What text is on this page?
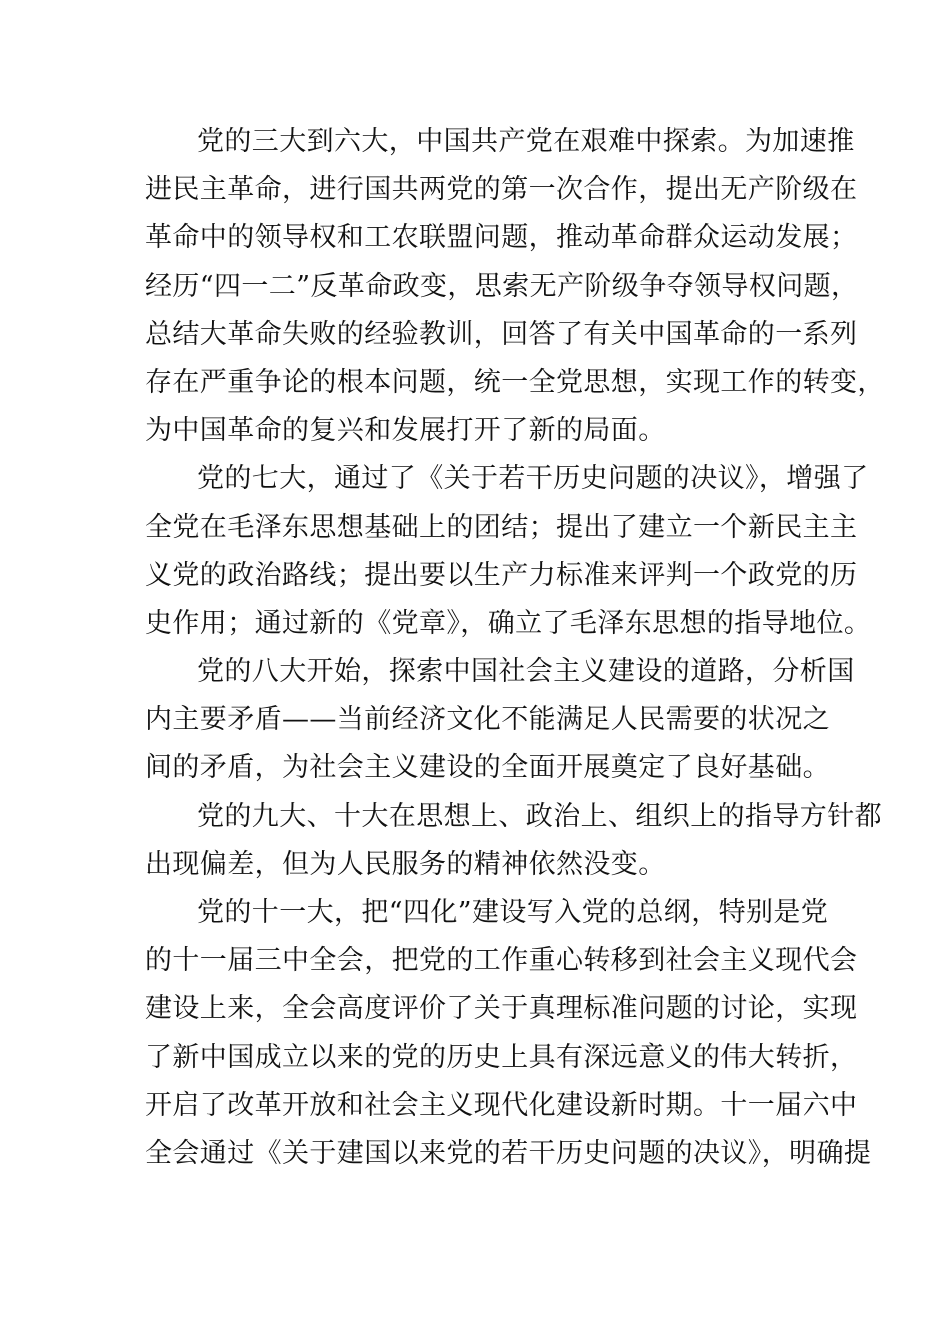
党的三大到六大，中国共产党在艰难中探索。为加速推
进民主革命，进行国共两党的第一次合作，提出无产阶级在
革命中的领导权和工农联盟问题，推动革命群众运动发展；
经历“四一二”反革命政变，思索无产阶级争夺领导权问题，
总结大革命失败的经验教训，回答了有关中国革命的一系列
存在严重争论的根本问题，统一全党思想，实现工作的转变，
为中国革命的复兴和发展打开了新的局面。
党的七大，通过了《关于若干历史问题的决议》，增强了
全党在毛泽东思想基础上的团结；提出了建立一个新民主主
义党的政治路线；提出要以生产力标准来评判一个政党的历
史作用；通过新的《党章》，确立了毛泽东思想的指导地位。
党的八大开始，探索中国社会主义建设的道路，分析国
内主要矛盾——当前经济文化不能满足人民需要的状况之
间的矛盾，为社会主义建设的全面开展奠定了良好基础。
党的九大、十大在思想上、政治上、组织上的指导方针都
出现偏差，但为人民服务的精神依然没变。
党的十一大，把“四化”建设写入党的总纲，特别是党
的十一届三中全会，把党的工作重心转移到社会主义现代会
建设上来，全会高度评价了关于真理标准问题的讨论，实现
了新中国成立以来的党的历史上具有深远意义的伟大转折，
开启了改革开放和社会主义现代化建设新时期。十一届六中
全会通过《关于建国以来党的若干历史问题的决议》，明确提
